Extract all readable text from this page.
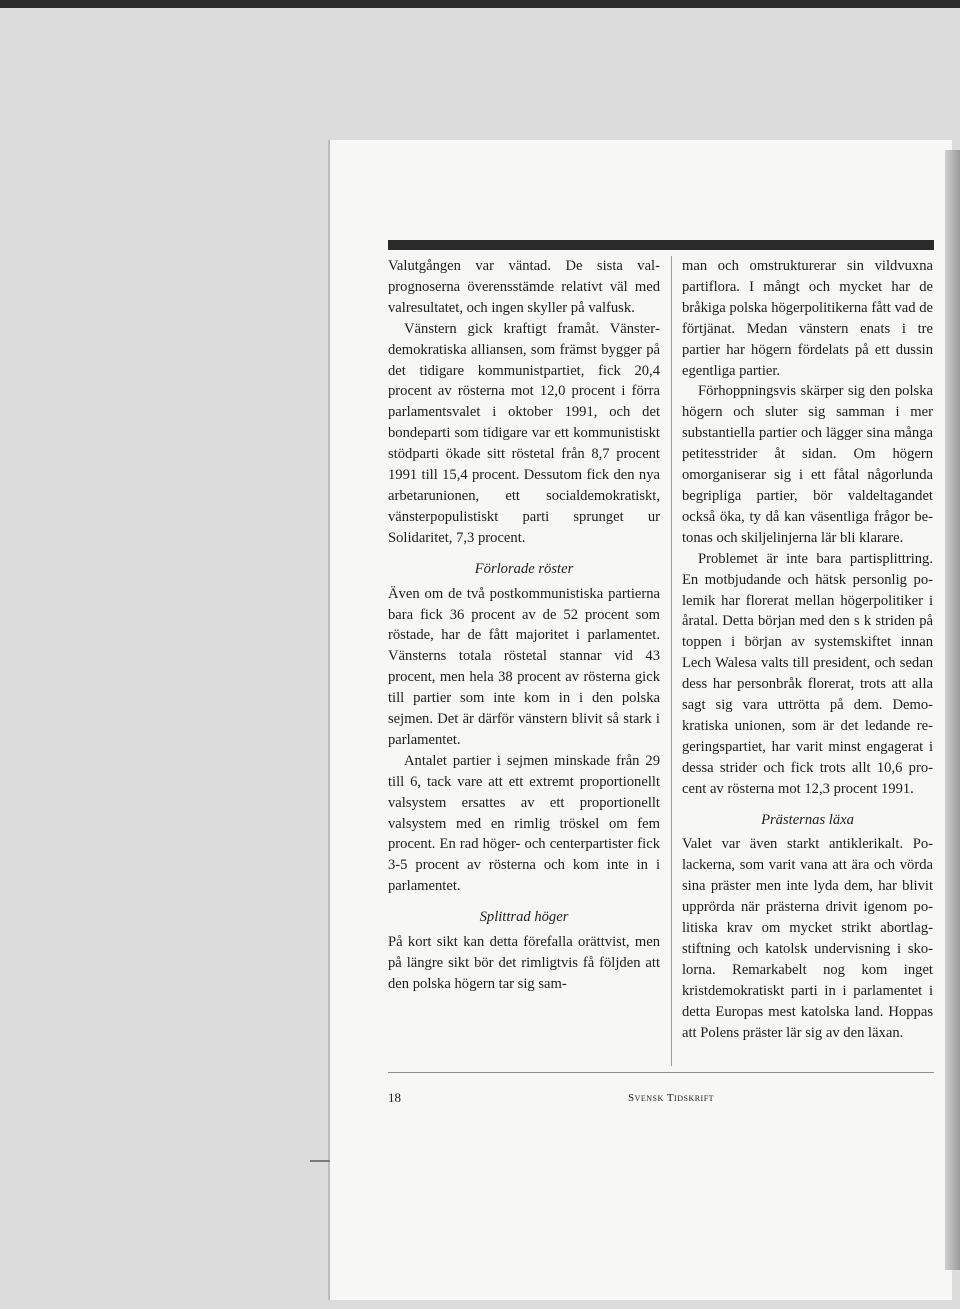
Valutgången var väntad. De sista valprognoserna överensstämde relativt väl med valresultatet, och ingen skyller på valfusk.

Vänstern gick kraftigt framåt. Vänsterdemokratiska alliansen, som främst bygger på det tidigare kommunistpartiet, fick 20,4 procent av rösterna mot 12,0 procent i förra parlamentsvalet i oktober 1991, och det bondeparti som tidigare var ett kommunistiskt stödparti ökade sitt röstetal från 8,7 procent 1991 till 15,4 procent. Dessutom fick den nya arbetarunionen, ett socialdemokratiskt, vänsterpopulistiskt parti sprunget ur Solidaritet, 7,3 procent.

Förlorade röster

Även om de två postkommunistiska partierna bara fick 36 procent av de 52 procent som röstade, har de fått majoritet i parlamentet. Vänsterns totala röstetal stannar vid 43 procent, men hela 38 procent av rösterna gick till partier som inte kom in i den polska sejmen. Det är därför vänstern blivit så stark i parlamentet.

Antalet partier i sejmen minskade från 29 till 6, tack vare att ett extremt proportionellt valsystem ersattes av ett proportionellt valsystem med en rimlig tröskel om fem procent. En rad höger- och centerpartister fick 3-5 procent av rösterna och kom inte in i parlamentet.

Splittrad höger

På kort sikt kan detta förefalla orättvist, men på längre sikt bör det rimligtvis få följden att den polska högern tar sig sam-

man och omstrukturerar sin vildvuxna partiflora. I mångt och mycket har de bråkiga polska högerpolitikerna fått vad de förtjänat. Medan vänstern enats i tre partier har högern fördelats på ett dussin egentliga partier.

Förhoppningsvis skärper sig den polska högern och sluter sig samman i mer substantiella partier och lägger sina många petitesstrider åt sidan. Om högern omorganiserar sig i ett fåtal någorlunda begripliga partier, bör valdeltagandet också öka, ty då kan väsentliga frågor betonas och skiljelinjerna lär bli klarare.

Problemet är inte bara partisplittring. En motbjudande och hätsk personlig polemik har florerat mellan högerpolitiker i åratal. Detta början med den s k striden på toppen i början av systemskiftet innan Lech Walesa valts till president, och sedan dess har personbråk florerat, trots att alla sagt sig vara uttrötta på dem. Demokratiska unionen, som är det ledande regeringspartiet, har varit minst engagerat i dessa strider och fick trots allt 10,6 procent av rösterna mot 12,3 procent 1991.

Prästernas läxa

Valet var även starkt antiklerikalt. Polackerna, som varit vana att ära och vörda sina präster men inte lyda dem, har blivit upprörda när prästerna drivit igenom politiska krav om mycket strikt abortlagstiftning och katolsk undervisning i skolorna. Remarkabelt nog kom inget kristdemokratiskt parti in i parlamentet i detta Europas mest katolska land. Hoppas att Polens präster lär sig av den läxan.

18	Svensk Tidskrift
